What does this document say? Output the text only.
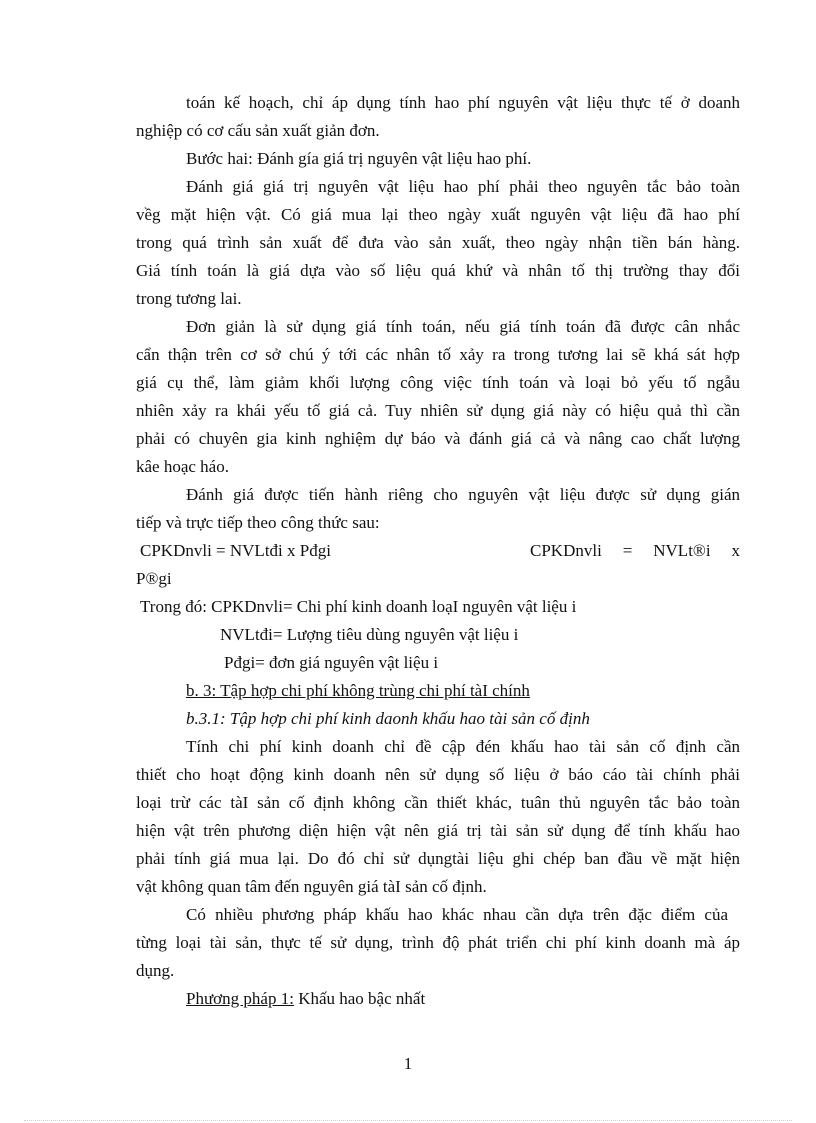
toán kế hoạch, chỉ áp dụng tính hao phí nguyên vật liệu thực tế ở doanh
nghiệp có cơ cấu sản xuất giản đơn.
Bước hai: Đánh gía giá trị nguyên vật liệu hao phí.
Đánh giá giá trị nguyên vật liệu hao phí phải theo nguyên tắc bảo toàn
vềg mặt hiện vật. Có giá mua lại theo ngày xuất nguyên vật liệu đã hao phí
trong quá trình sản xuất để đưa vào sản xuất, theo ngày nhận tiền bán hàng.
Giá tính toán là giá dựa vào số liệu quá khứ và nhân tố thị trường thay đổi
trong tương lai.
Đơn giản là sử dụng giá tính toán, nếu giá tính toán đã được cân nhắc
cẩn thận trên cơ sở chú ý tới các nhân tố xảy ra trong tương lai sẽ khá sát hợp
giá cụ thể, làm giảm khối lượng công việc tính toán và loại bỏ yếu tố ngẫu
nhiên xảy ra khái yếu tố giá cả. Tuy nhiên sử dụng giá này có hiệu quả thì cần
phải có chuyên gia kinh nghiệm dự báo và đánh giá cả và nâng cao chất lượng
kâe hoạc háo.
Đánh giá được tiến hành riêng cho nguyên vật liệu được sử dụng gián
tiếp và trực tiếp theo công thức sau:
CPKDnvli = NVLtđi x Pđgi	CPKDnvli = NVLt®i x
P®gi
Trong đó: CPKDnvli= Chi phí kinh doanh loạI nguyên vật liệu i
NVLtđi= Lượng tiêu dùng nguyên vật liệu i
Pđgi= đơn giá nguyên vật liệu i
b. 3: Tập hợp chi phí không trùng chi phí tàI chính
b.3.1: Tập hợp chi phí kinh daonh khấu hao tài sản cố định
Tính chi phí kinh doanh chỉ đề cập đén khấu hao tài sản cố định cần
thiết cho hoạt động kinh doanh nên sử dụng số liệu ở báo cáo tài chính phải
loại trừ các tàI sản cố định không cần thiết khác, tuân thủ nguyên tắc bảo toàn
hiện vật trên phương diện hiện vật nên giá trị tài sản sử dụng để tính khấu hao
phải tính giá mua lại. Do đó chỉ sử dụngtài liệu ghi chép ban đầu về mặt hiện
vật không quan tâm đến nguyên giá tàI sản cố định.
Có nhiều phương pháp khấu hao khác nhau cần dựa trên đặc điểm của
từng loại tài sản, thực tế sử dụng, trình độ phát triển chi phí kinh doanh mà áp
dụng.
Phương pháp 1: Khấu hao bậc nhất
1
